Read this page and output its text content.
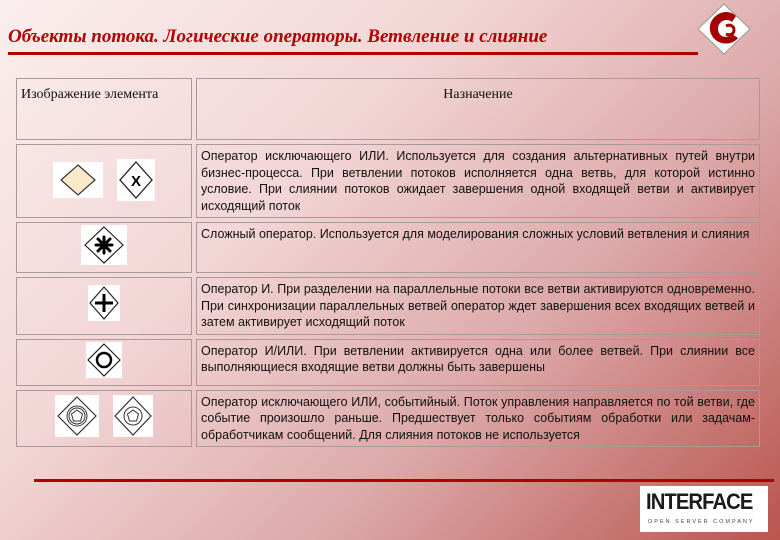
Объекты потока. Логические операторы. Ветвление и слияние
Изображение элемента	Назначение

X	Оператор исключающего ИЛИ. Используется для создания альтернативных путей внутри бизнес-процесса. При ветвлении потоков исполняется одна ветвь, для которой истинно условие. При слиянии потоков ожидает завершения одной входящей ветви и активирует исходящий поток
	Сложный оператор. Используется для моделирования сложных условий ветвления и слияния
	Оператор И. При разделении на параллельные потоки все ветви активируются одновременно. При синхронизации параллельных ветвей оператор ждет завершения всех входящих ветвей и затем активирует исходящий поток
	Оператор И/ИЛИ. При ветвлении активируется одна или более ветвей. При слиянии все выполняющиеся входящие ветви должны быть завершены

	Оператор исключающего ИЛИ, событийный. Поток управления направляется по той ветви, где событие произошло раньше. Предшествует только событиям обработки или задачам-обработчикам сообщений. Для слияния потоков не используется
INTERFACE
OPEN SERVER COMPANY
